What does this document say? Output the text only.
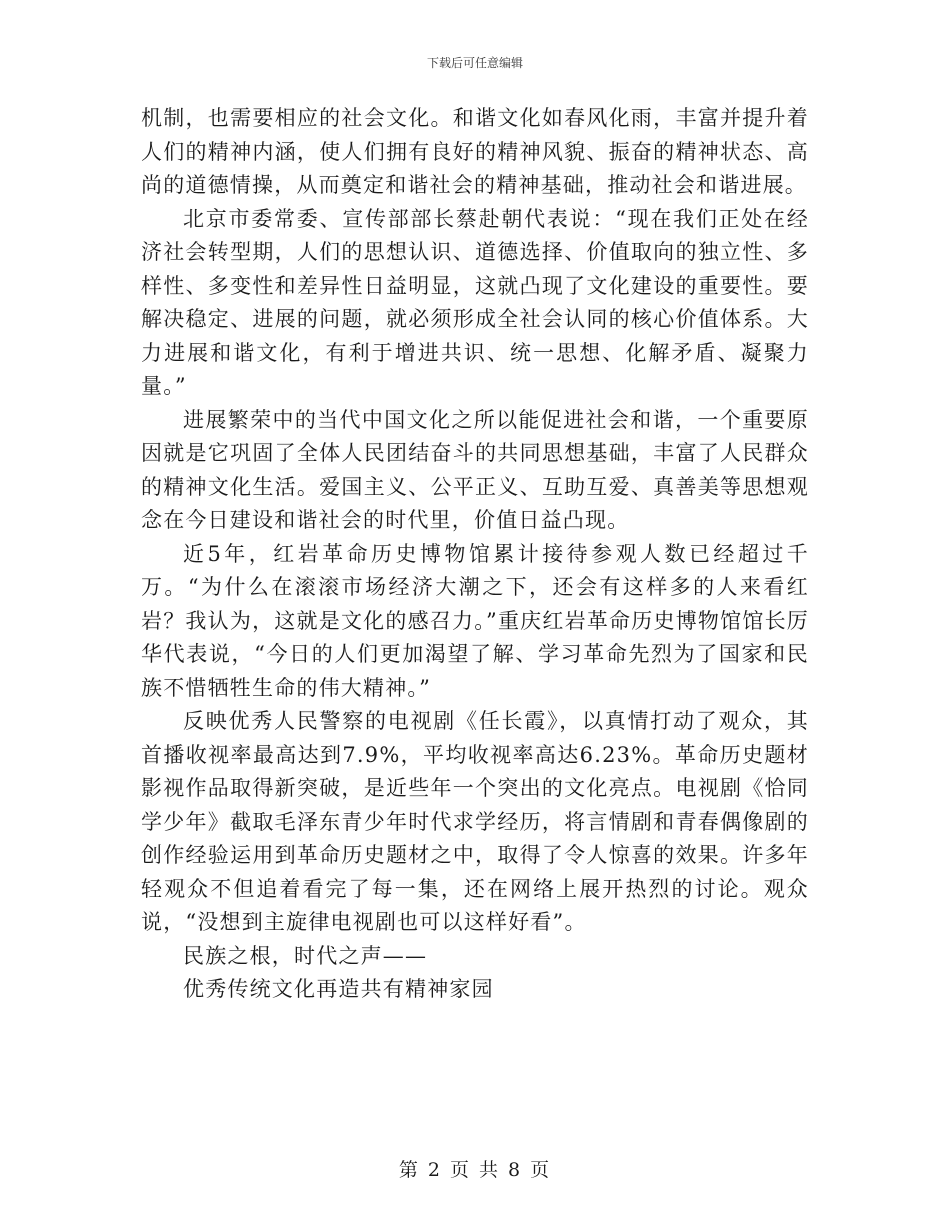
下载后可任意编辑

机制，也需要相应的社会文化。和谐文化如春风化雨，丰富并提升着人们的精神内涵，使人们拥有良好的精神风貌、振奋的精神状态、高尚的道德情操，从而奠定和谐社会的精神基础，推动社会和谐进展。

北京市委常委、宣传部部长蔡赴朝代表说：“现在我们正处在经济社会转型期，人们的思想认识、道德选择、价值取向的独立性、多样性、多变性和差异性日益明显，这就凸现了文化建设的重要性。要解决稳定、进展的问题，就必须形成全社会认同的核心价值体系。大力进展和谐文化，有利于增进共识、统一思想、化解矛盾、凝聚力量。”

进展繁荣中的当代中国文化之所以能促进社会和谐，一个重要原因就是它巩固了全体人民团结奋斗的共同思想基础，丰富了人民群众的精神文化生活。爱国主义、公平正义、互助互爱、真善美等思想观念在今日建设和谐社会的时代里，价值日益凸现。

近5年，红岩革命历史博物馆累计接待参观人数已经超过千万。“为什么在滚滚市场经济大潮之下，还会有这样多的人来看红岩？我认为，这就是文化的感召力。”重庆红岩革命历史博物馆馆长厉华代表说，“今日的人们更加渴望了解、学习革命先烈为了国家和民族不惜牺牲生命的伟大精神。”

反映优秀人民警察的电视剧《任长霞》，以真情打动了观众，其首播收视率最高达到7.9%，平均收视率高达6.23%。革命历史题材影视作品取得新突破，是近些年一个突出的文化亮点。电视剧《恰同学少年》截取毛泽东青少年时代求学经历，将言情剧和青春偶像剧的创作经验运用到革命历史题材之中，取得了令人惊喜的效果。许多年轻观众不但追着看完了每一集，还在网络上展开热烈的讨论。观众说，“没想到主旋律电视剧也可以这样好看”。

民族之根，时代之声——

优秀传统文化再造共有精神家园

第 2 页 共 8 页
